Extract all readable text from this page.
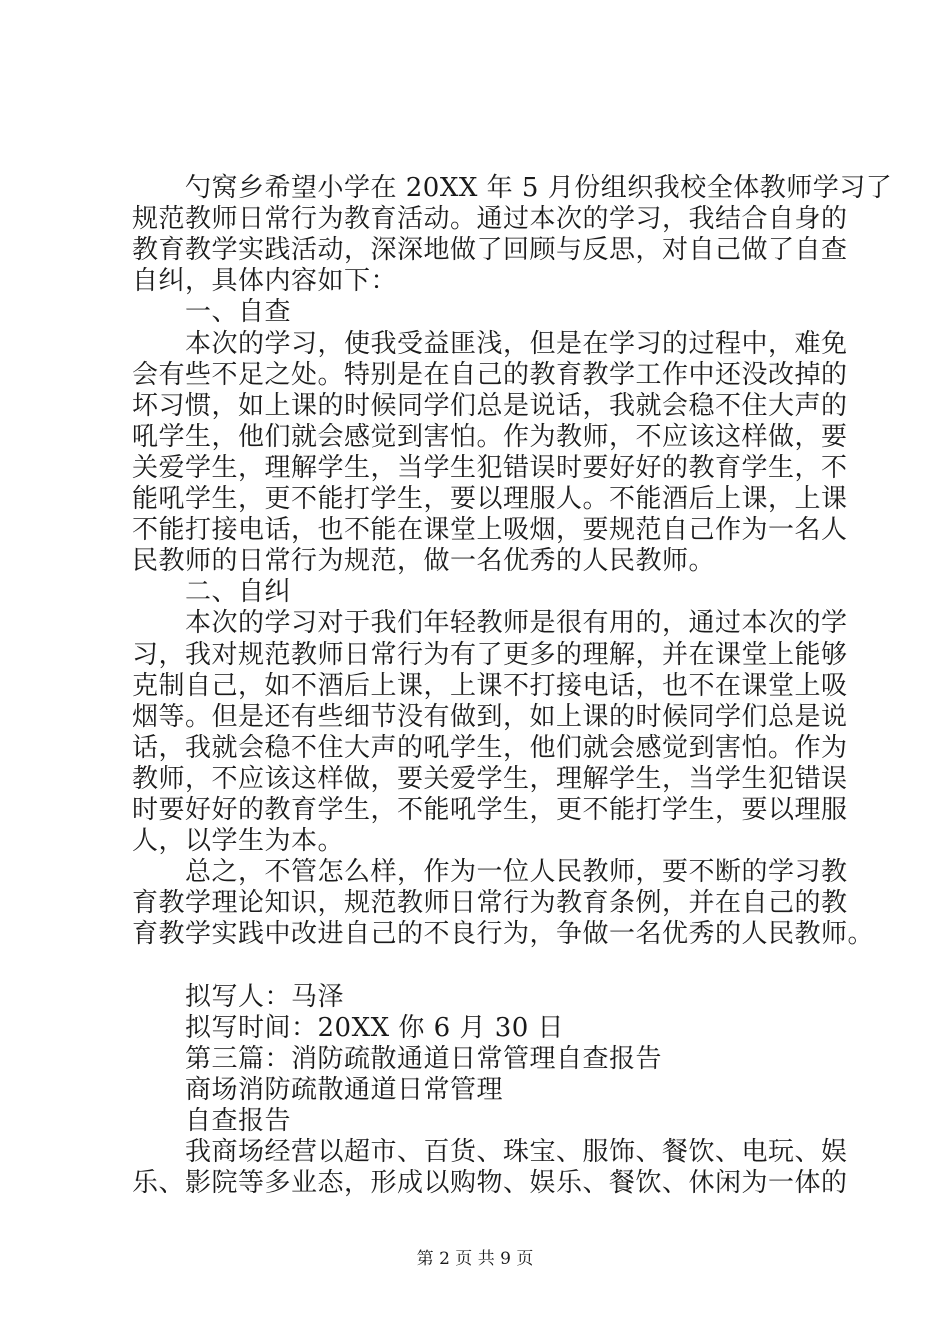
　　勺窝乡希望小学在 20XX 年 5 月份组织我校全体教师学习了
规范教师日常行为教育活动。通过本次的学习，我结合自身的
教育教学实践活动，深深地做了回顾与反思，对自己做了自查
自纠，具体内容如下：
　　一、自查
　　本次的学习，使我受益匪浅，但是在学习的过程中，难免
会有些不足之处。特别是在自己的教育教学工作中还没改掉的
坏习惯，如上课的时候同学们总是说话，我就会稳不住大声的
吼学生，他们就会感觉到害怕。作为教师，不应该这样做，要
关爱学生，理解学生，当学生犯错误时要好好的教育学生，不
能吼学生，更不能打学生，要以理服人。不能酒后上课，上课
不能打接电话，也不能在课堂上吸烟，要规范自己作为一名人
民教师的日常行为规范，做一名优秀的人民教师。
　　二、自纠
　　本次的学习对于我们年轻教师是很有用的，通过本次的学
习，我对规范教师日常行为有了更多的理解，并在课堂上能够
克制自己，如不酒后上课，上课不打接电话，也不在课堂上吸
烟等。但是还有些细节没有做到，如上课的时候同学们总是说
话，我就会稳不住大声的吼学生，他们就会感觉到害怕。作为
教师，不应该这样做，要关爱学生，理解学生，当学生犯错误
时要好好的教育学生，不能吼学生，更不能打学生，要以理服
人，以学生为本。
　　总之，不管怎么样，作为一位人民教师，要不断的学习教
育教学理论知识，规范教师日常行为教育条例，并在自己的教
育教学实践中改进自己的不良行为，争做一名优秀的人民教师。
　　拟写人：马泽
　　拟写时间：20XX 你 6 月 30 日
　　第三篇：消防疏散通道日常管理自查报告
　　商场消防疏散通道日常管理
　　自查报告
　　我商场经营以超市、百货、珠宝、服饰、餐饮、电玩、娱
乐、影院等多业态，形成以购物、娱乐、餐饮、休闲为一体的
第 2 页 共 9 页
